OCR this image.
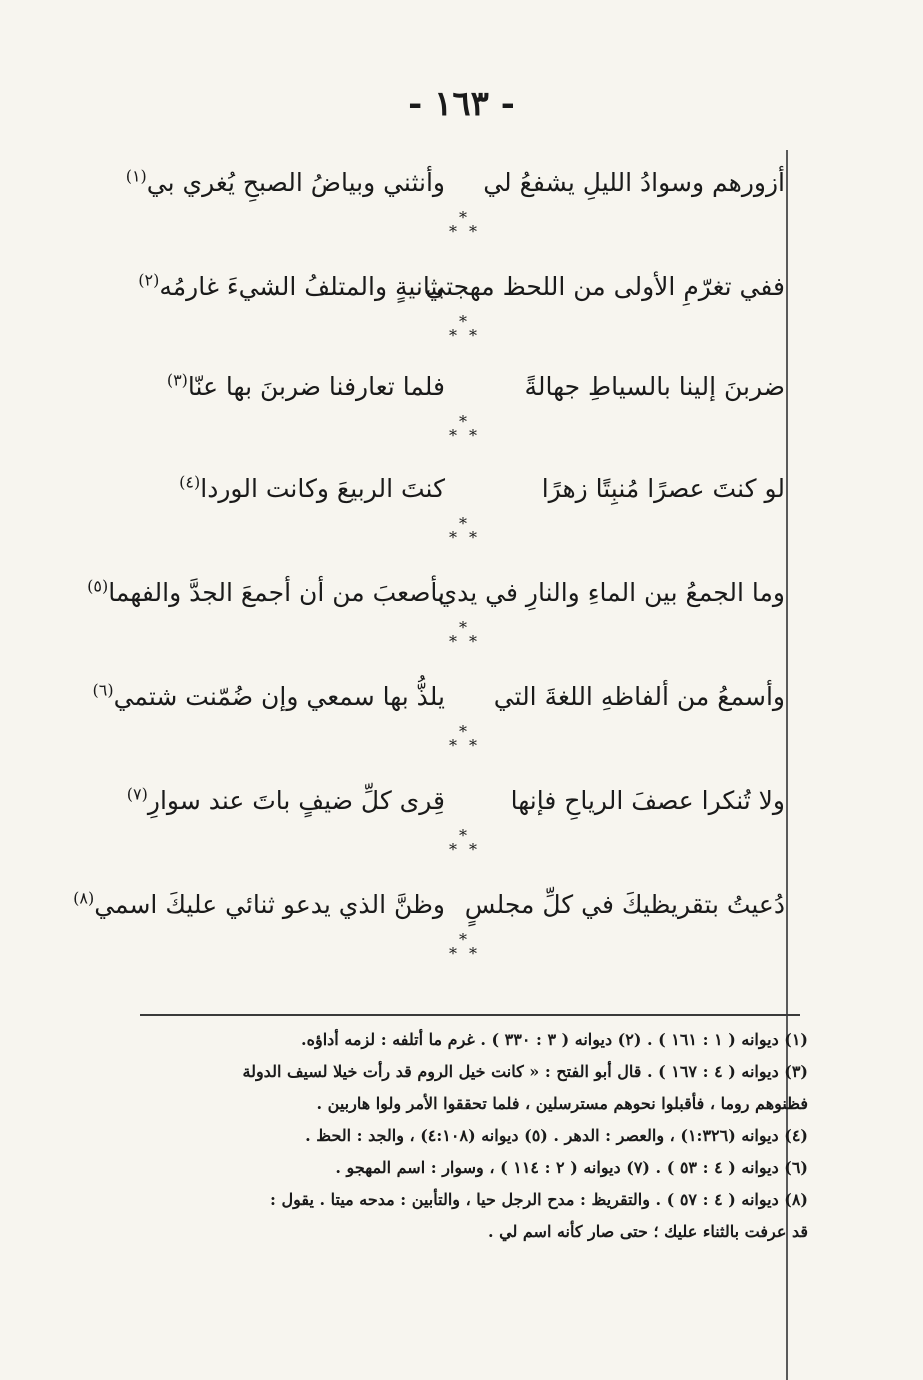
- ١٦٣ -
أزورهم وسوادُ الليلِ يشفعُ لي
وأنثني وبياضُ الصبحِ يُغري بي$^{(١)}$
*
* *
ففي تغرّمِ الأولى من اللحظ مهجتي
بثانيةٍ والمتلفُ الشيءَ غارمُه$^{(٢)}$
*
* *
ضربنَ إلينا بالسياطِ جهالةً
فلما تعارفنا ضربنَ بها عنّا$^{(٣)}$
*
* *
لو كنتَ عصرًا مُنبِتًا زهرًا
كنتَ الربيعَ وكانت الوردا$^{(٤)}$
*
* *
وما الجمعُ بين الماءِ والنارِ في يدي
بأصعبَ من أن أجمعَ الجدَّ والفهما$^{(٥)}$
*
* *
وأسمعُ من ألفاظهِ اللغةَ التي
يلذُّ بها سمعي وإن ضُمّنت شتمي$^{(٦)}$
*
* *
ولا تُنكرا عصفَ الرياحِ فإنها
قِرى كلِّ ضيفٍ باتَ عند سوارِ$^{(٧)}$
*
* *
دُعيتُ بتقريظيكَ في كلِّ مجلسٍ
وظنَّ الذي يدعو ثنائي عليكَ اسمي$^{(٨)}$
*
* *
(١) ديوانه ( ١ : ١٦١ ) . (٢) ديوانه ( ٣ : ٣٣٠ ) . غرم ما أتلفه : لزمه أداؤه.
(٣) ديوانه ( ٤ : ١٦٧ ) . قال أبو الفتح : « كانت خيل الروم قد رأت خيلا لسيف الدولة
فظنوهم روما ، فأقبلوا نحوهم مسترسلين ، فلما تحققوا الأمر ولوا هاربين .
(٤) ديوانه (١:٣٢٦) ، والعصر : الدهر . (٥) ديوانه (٤:١٠٨) ، والجد : الحظ .
(٦) ديوانه ( ٤ : ٥٣ ) . (٧) ديوانه ( ٢ : ١١٤ ) ، وسوار : اسم المهجو .
(٨) ديوانه ( ٤ : ٥٧ ) . والتقريظ : مدح الرجل حيا ، والتأبين : مدحه ميتا . يقول :
قد عرفت بالثناء عليك ؛ حتى صار كأنه اسم لي .
